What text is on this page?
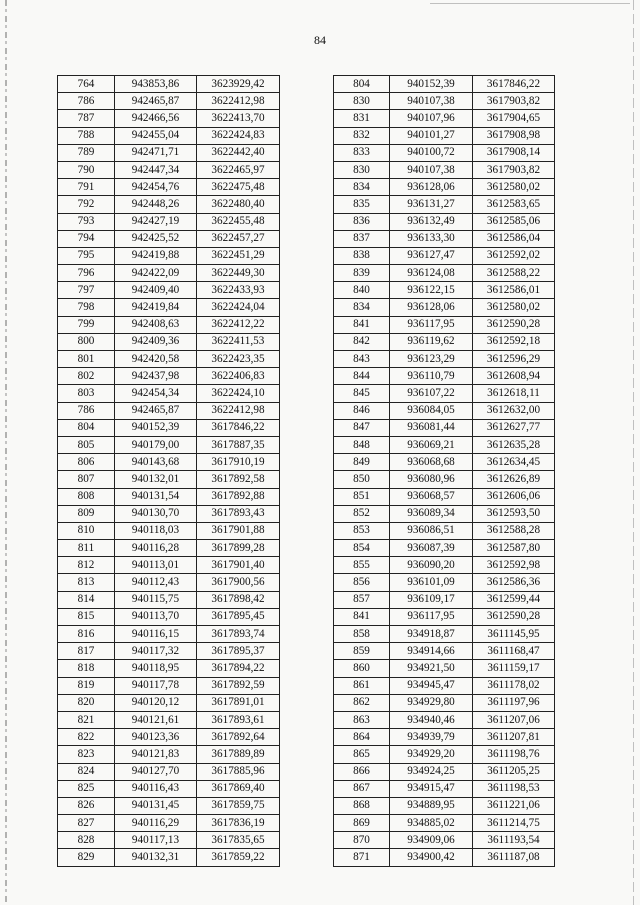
84
764	943853,86	3623929,42
786	942465,87	3622412,98
787	942466,56	3622413,70
788	942455,04	3622424,83
789	942471,71	3622442,40
790	942447,34	3622465,97
791	942454,76	3622475,48
792	942448,26	3622480,40
793	942427,19	3622455,48
794	942425,52	3622457,27
795	942419,88	3622451,29
796	942422,09	3622449,30
797	942409,40	3622433,93
798	942419,84	3622424,04
799	942408,63	3622412,22
800	942409,36	3622411,53
801	942420,58	3622423,35
802	942437,98	3622406,83
803	942454,34	3622424,10
786	942465,87	3622412,98
804	940152,39	3617846,22
805	940179,00	3617887,35
806	940143,68	3617910,19
807	940132,01	3617892,58
808	940131,54	3617892,88
809	940130,70	3617893,43
810	940118,03	3617901,88
811	940116,28	3617899,28
812	940113,01	3617901,40
813	940112,43	3617900,56
814	940115,75	3617898,42
815	940113,70	3617895,45
816	940116,15	3617893,74
817	940117,32	3617895,37
818	940118,95	3617894,22
819	940117,78	3617892,59
820	940120,12	3617891,01
821	940121,61	3617893,61
822	940123,36	3617892,64
823	940121,83	3617889,89
824	940127,70	3617885,96
825	940116,43	3617869,40
826	940131,45	3617859,75
827	940116,29	3617836,19
828	940117,13	3617835,65
829	940132,31	3617859,22
804	940152,39	3617846,22
830	940107,38	3617903,82
831	940107,96	3617904,65
832	940101,27	3617908,98
833	940100,72	3617908,14
830	940107,38	3617903,82
834	936128,06	3612580,02
835	936131,27	3612583,65
836	936132,49	3612585,06
837	936133,30	3612586,04
838	936127,47	3612592,02
839	936124,08	3612588,22
840	936122,15	3612586,01
834	936128,06	3612580,02
841	936117,95	3612590,28
842	936119,62	3612592,18
843	936123,29	3612596,29
844	936110,79	3612608,94
845	936107,22	3612618,11
846	936084,05	3612632,00
847	936081,44	3612627,77
848	936069,21	3612635,28
849	936068,68	3612634,45
850	936080,96	3612626,89
851	936068,57	3612606,06
852	936089,34	3612593,50
853	936086,51	3612588,28
854	936087,39	3612587,80
855	936090,20	3612592,98
856	936101,09	3612586,36
857	936109,17	3612599,44
841	936117,95	3612590,28
858	934918,87	3611145,95
859	934914,66	3611168,47
860	934921,50	3611159,17
861	934945,47	3611178,02
862	934929,80	3611197,96
863	934940,46	3611207,06
864	934939,79	3611207,81
865	934929,20	3611198,76
866	934924,25	3611205,25
867	934915,47	3611198,53
868	934889,95	3611221,06
869	934885,02	3611214,75
870	934909,06	3611193,54
871	934900,42	3611187,08
